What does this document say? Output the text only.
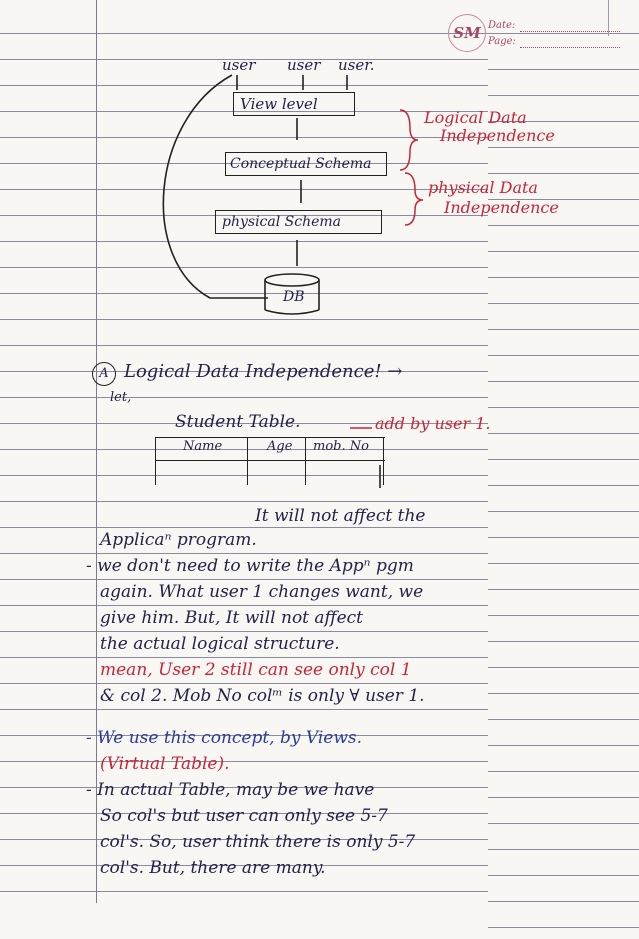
SM Date:
Page:
user user user.
View level
Conceptual Schema
physical Schema
DB
Logical Data
Independence
physical Data
Independence
A Logical Data Independence! →
let,
Student Table.	add by user 1.
Name	Age mob. No
It will not affect the
Applicaⁿ program.
- we don't need to write the Appⁿ pgm
again. What user 1 changes want, we
give him. But, It will not affect
the actual logical structure.
mean, User 2 still can see only col 1
& col 2. Mob No colᵐ is only ∀ user 1.
- We use this concept, by Views.
(Virtual Table).
- In actual Table, may be we have
So col's but user can only see 5-7
col's. So, user think there is only 5-7
col's. But, there are many.
